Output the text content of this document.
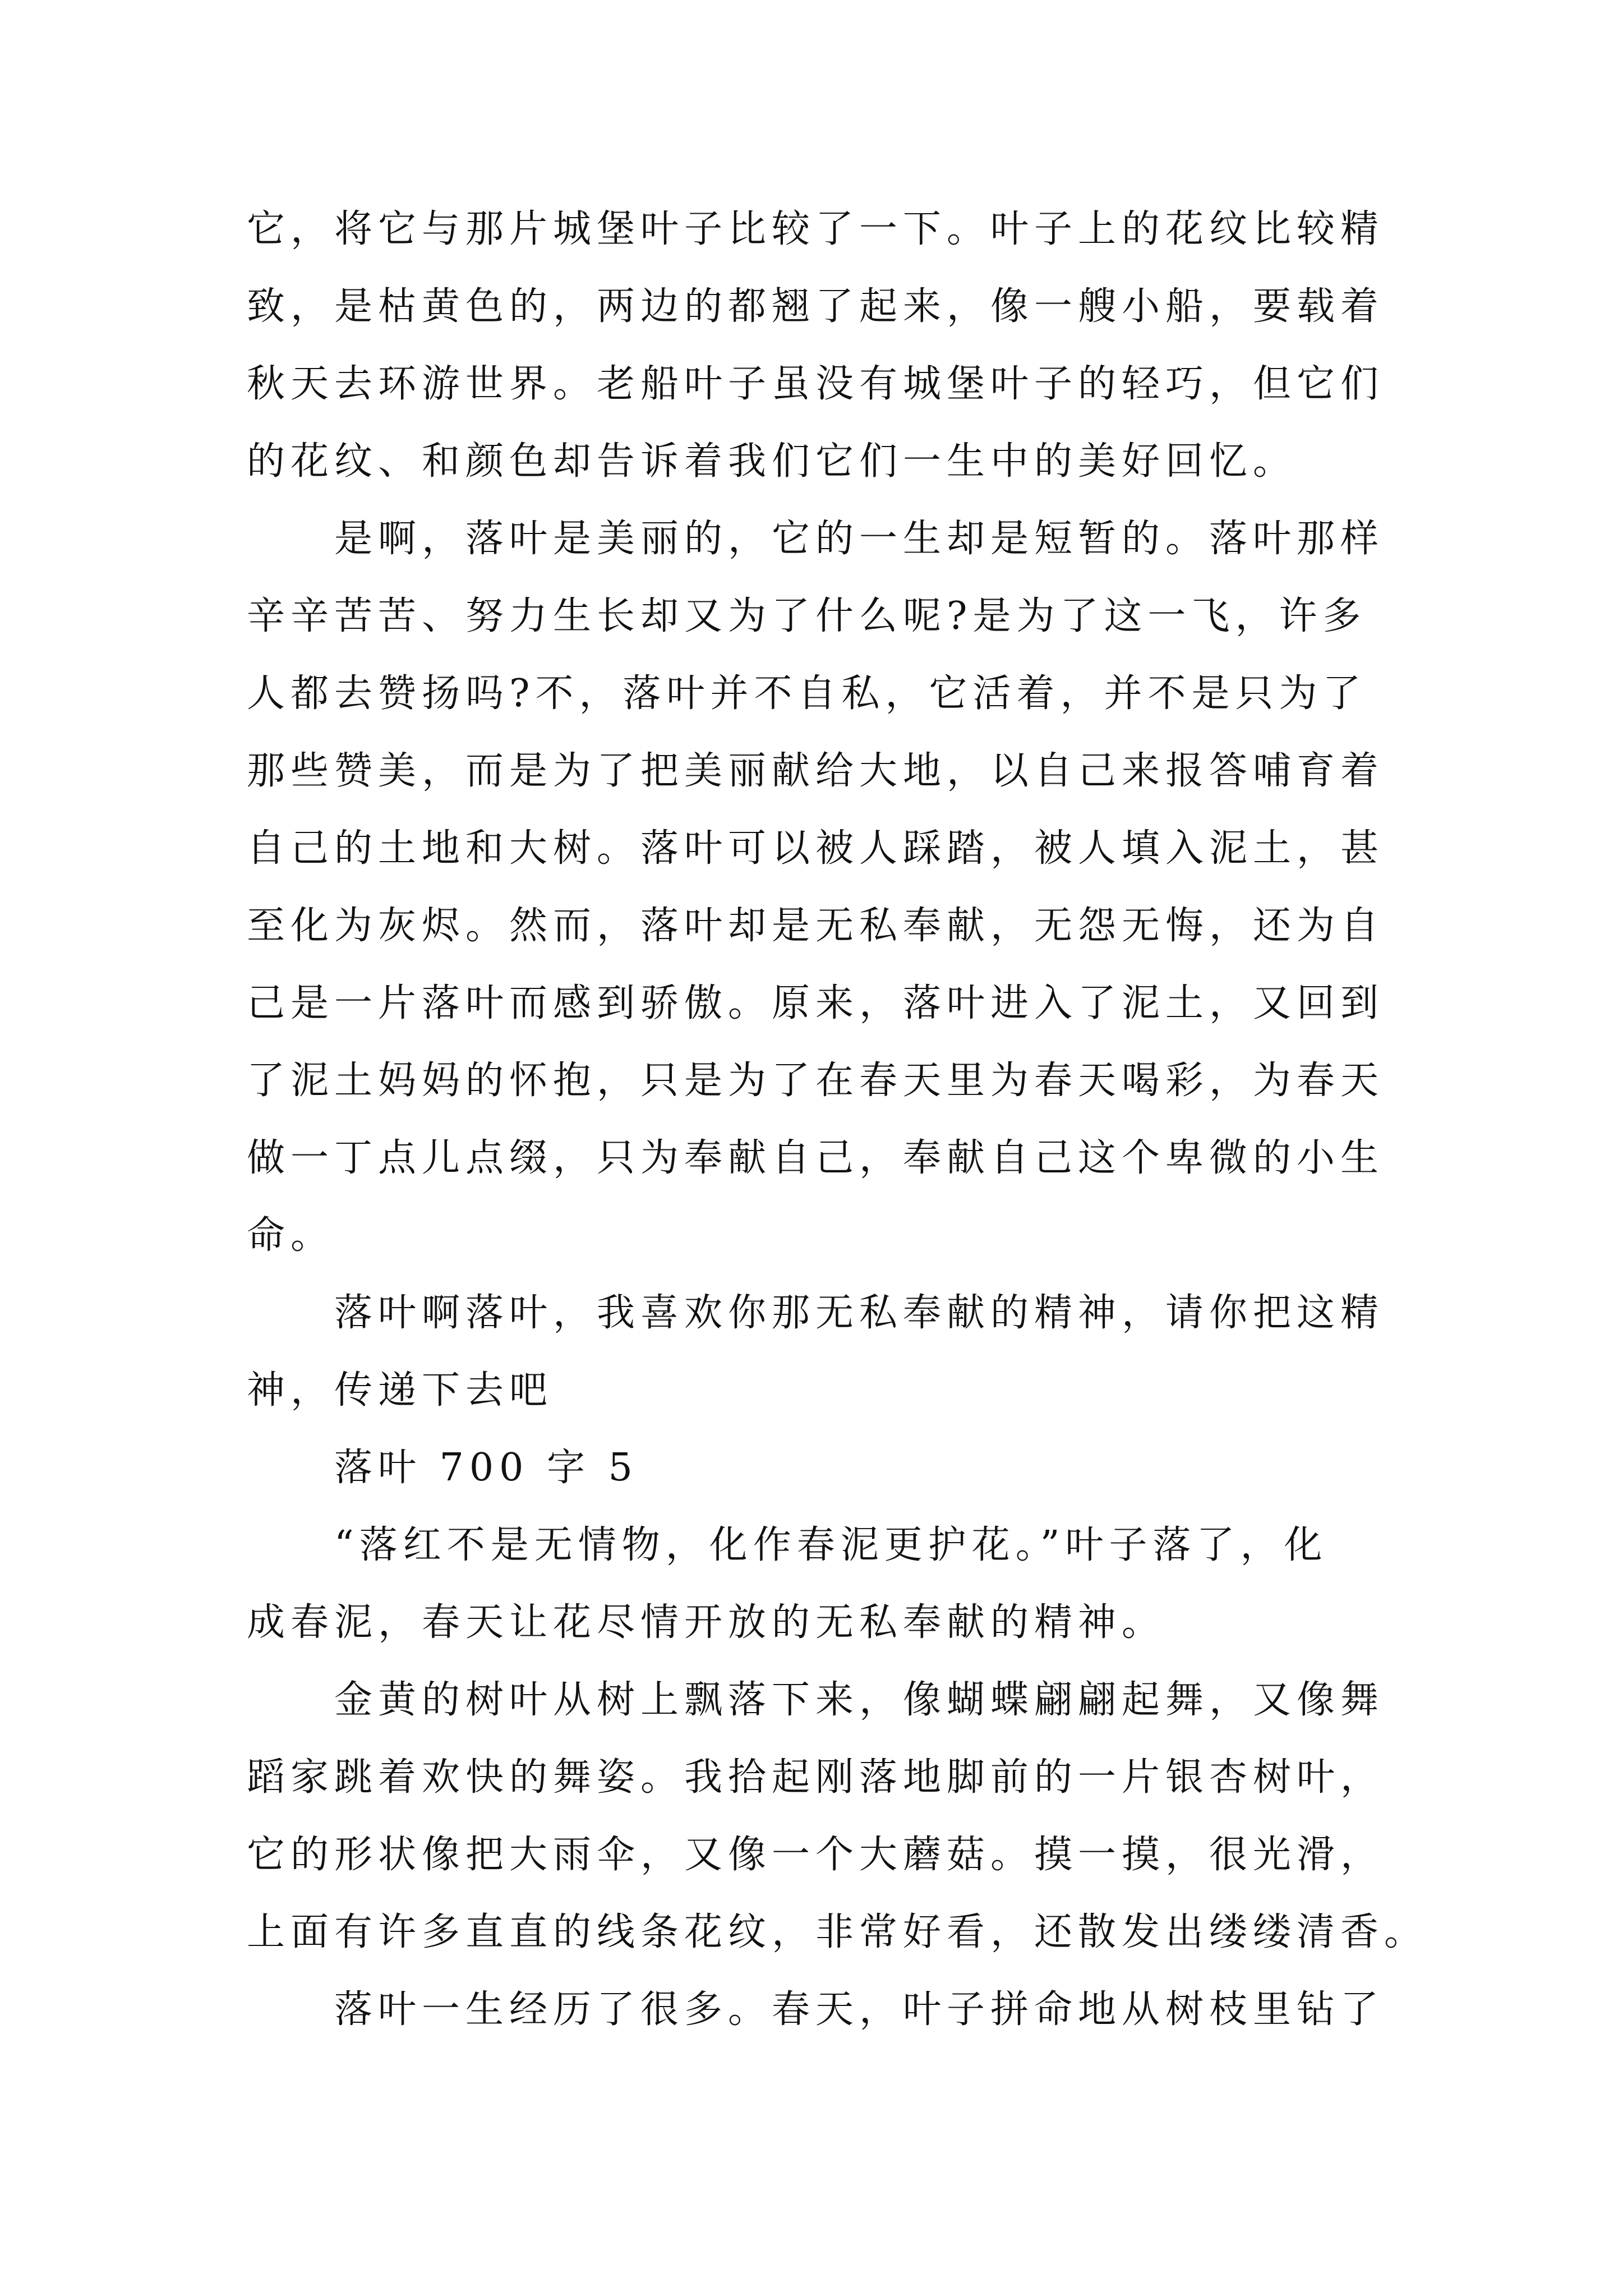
它，将它与那片城堡叶子比较了一下。叶子上的花纹比较精
致，是枯黄色的，两边的都翘了起来，像一艘小船，要载着
秋天去环游世界。老船叶子虽没有城堡叶子的轻巧，但它们
的花纹、和颜色却告诉着我们它们一生中的美好回忆。
是啊，落叶是美丽的，它的一生却是短暂的。落叶那样
辛辛苦苦、努力生长却又为了什么呢?是为了这一飞，许多
人都去赞扬吗?不，落叶并不自私，它活着，并不是只为了
那些赞美，而是为了把美丽献给大地，以自己来报答哺育着
自己的土地和大树。落叶可以被人踩踏，被人填入泥土，甚
至化为灰烬。然而，落叶却是无私奉献，无怨无悔，还为自
己是一片落叶而感到骄傲。原来，落叶进入了泥土，又回到
了泥土妈妈的怀抱，只是为了在春天里为春天喝彩，为春天
做一丁点儿点缀，只为奉献自己，奉献自己这个卑微的小生
命。
落叶啊落叶，我喜欢你那无私奉献的精神，请你把这精
神，传递下去吧
落叶 700 字 5
“落红不是无情物，化作春泥更护花。”叶子落了，化
成春泥，春天让花尽情开放的无私奉献的精神。
金黄的树叶从树上飘落下来，像蝴蝶翩翩起舞，又像舞
蹈家跳着欢快的舞姿。我拾起刚落地脚前的一片银杏树叶，
它的形状像把大雨伞，又像一个大蘑菇。摸一摸，很光滑，
上面有许多直直的线条花纹，非常好看，还散发出缕缕清香。
落叶一生经历了很多。春天，叶子拼命地从树枝里钻了
